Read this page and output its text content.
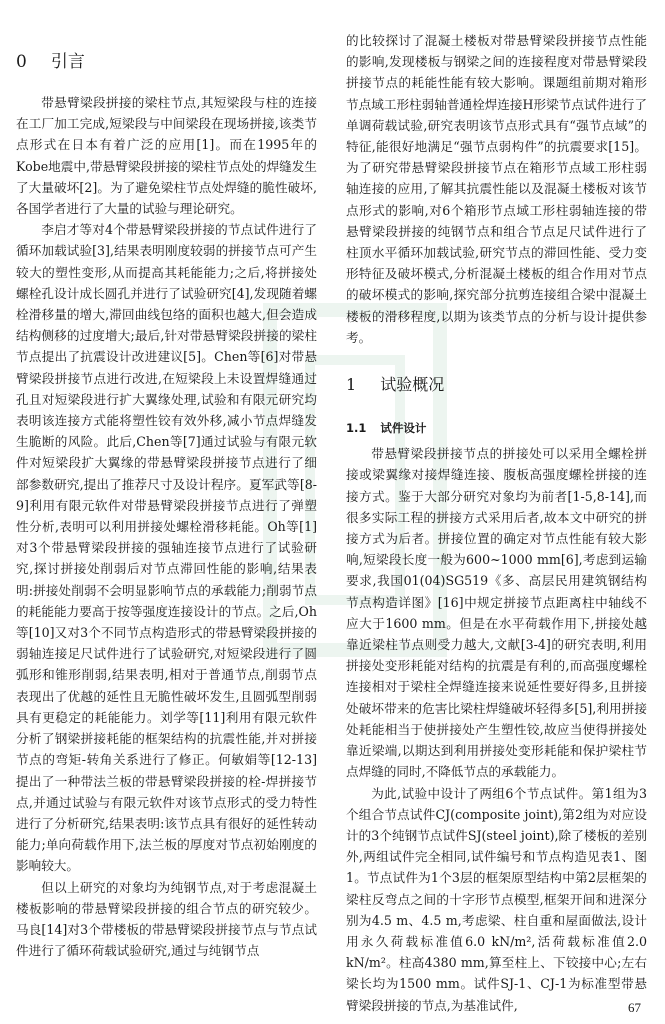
0 引言

带悬臂梁段拼接的梁柱节点,其短梁段与柱的连接在工厂加工完成,短梁段与中间梁段在现场拼接,该类节点形式在日本有着广泛的应用[1]。而在1995年的Kobe地震中,带悬臂梁段拼接的梁柱节点处的焊缝发生了大量破坏[2]。为了避免梁柱节点处焊缝的脆性破坏,各国学者进行了大量的试验与理论研究。

李启才等对4个带悬臂梁段拼接的节点试件进行了循环加载试验[3],结果表明刚度较弱的拼接节点可产生较大的塑性变形,从而提高其耗能能力;之后,将拼接处螺栓孔设计成长圆孔并进行了试验研究[4],发现随着螺栓滑移量的增大,滞回曲线包络的面积也越大,但会造成结构侧移的过度增大;最后,针对带悬臂梁段拼接的梁柱节点提出了抗震设计改进建议[5]。Chen等[6]对带悬臂梁段拼接节点进行改进,在短梁段上未设置焊缝通过孔且对短梁段进行扩大翼缘处理,试验和有限元研究均表明该连接方式能将塑性铰有效外移,减小节点焊缝发生脆断的风险。此后,Chen等[7]通过试验与有限元软件对短梁段扩大翼缘的带悬臂梁段拼接节点进行了细部参数研究,提出了推荐尺寸及设计程序。夏军武等[8-9]利用有限元软件对带悬臂梁段拼接节点进行了弹塑性分析,表明可以利用拼接处螺栓滑移耗能。Oh等[1]对3个带悬臂梁段拼接的强轴连接节点进行了试验研究,探讨拼接处削弱后对节点滞回性能的影响,结果表明:拼接处削弱不会明显影响节点的承载能力;削弱节点的耗能能力要高于按等强度连接设计的节点。之后,Oh等[10]又对3个不同节点构造形式的带悬臂梁段拼接的弱轴连接足尺试件进行了试验研究,对短梁段进行了圆弧形和锥形削弱,结果表明,相对于普通节点,削弱节点表现出了优越的延性且无脆性破坏发生,且圆弧型削弱具有更稳定的耗能能力。刘学等[11]利用有限元软件分析了钢梁拼接耗能的框架结构的抗震性能,并对拼接节点的弯矩-转角关系进行了修正。何敏娟等[12-13]提出了一种带法兰板的带悬臂梁段拼接的栓-焊拼接节点,并通过试验与有限元软件对该节点形式的受力特性进行了分析研究,结果表明:该节点具有很好的延性转动能力;单向荷载作用下,法兰板的厚度对节点初始刚度的影响较大。

但以上研究的对象均为纯钢节点,对于考虑混凝土楼板影响的带悬臂梁段拼接的组合节点的研究较少。马良[14]对3个带楼板的带悬臂梁段拼接节点与节点试件进行了循环荷载试验研究,通过与纯钢节点

的比较探讨了混凝土楼板对带悬臂梁段拼接节点性能的影响,发现楼板与钢梁之间的连接程度对带悬臂梁段拼接节点的耗能性能有较大影响。课题组前期对箱形节点域工形柱弱轴普通栓焊连接H形梁节点试件进行了单调荷载试验,研究表明该节点形式具有“强节点域”的特征,能很好地满足“强节点弱构件”的抗震要求[15]。为了研究带悬臂梁段拼接节点在箱形节点域工形柱弱轴连接的应用,了解其抗震性能以及混凝土楼板对该节点形式的影响,对6个箱形节点域工形柱弱轴连接的带悬臂梁段拼接的纯钢节点和组合节点足尺试件进行了柱顶水平循环加载试验,研究节点的滞回性能、受力变形特征及破坏模式,分析混凝土楼板的组合作用对节点的破坏模式的影响,探究部分抗剪连接组合梁中混凝土楼板的滑移程度,以期为该类节点的分析与设计提供参考。

1 试验概况
1.1 试件设计

带悬臂梁段拼接节点的拼接处可以采用全螺栓拼接或梁翼缘对接焊缝连接、腹板高强度螺栓拼接的连接方式。鉴于大部分研究对象均为前者[1-5,8-14],而很多实际工程的拼接方式采用后者,故本文中研究的拼接方式为后者。拼接位置的确定对节点性能有较大影响,短梁段长度一般为600~1000 mm[6],考虑到运输要求,我国01(04)SG519《多、高层民用建筑钢结构节点构造详图》[16]中规定拼接节点距离柱中轴线不应大于1600 mm。但是在水平荷载作用下,拼接处越靠近梁柱节点则受力越大,文献[3-4]的研究表明,利用拼接处变形耗能对结构的抗震是有利的,而高强度螺栓连接相对于梁柱全焊缝连接来说延性要好得多,且拼接处破坏带来的危害比梁柱焊缝破坏轻得多[5],利用拼接处耗能相当于使拼接处产生塑性铰,故应当使得拼接处靠近梁端,以期达到利用拼接处变形耗能和保护梁柱节点焊缝的同时,不降低节点的承载能力。

为此,试验中设计了两组6个节点试件。第1组为3个组合节点试件CJ(composite joint),第2组为对应设计的3个纯钢节点试件SJ(steel joint),除了楼板的差别外,两组试件完全相同,试件编号和节点构造见表1、图1。节点试件为1个3层的框架原型结构中第2层框架的梁柱反弯点之间的十字形节点模型,框架开间和进深分别为4.5 m、4.5 m,考虑梁、柱自重和屋面做法,设计用永久荷载标准值6.0 kN/m²,活荷载标准值2.0 kN/m²。柱高4380 mm,算至柱上、下铰接中心;左右梁长均为1500 mm。试件SJ-1、CJ-1为标准型带悬臂梁段拼接的节点,为基准试件,	67
